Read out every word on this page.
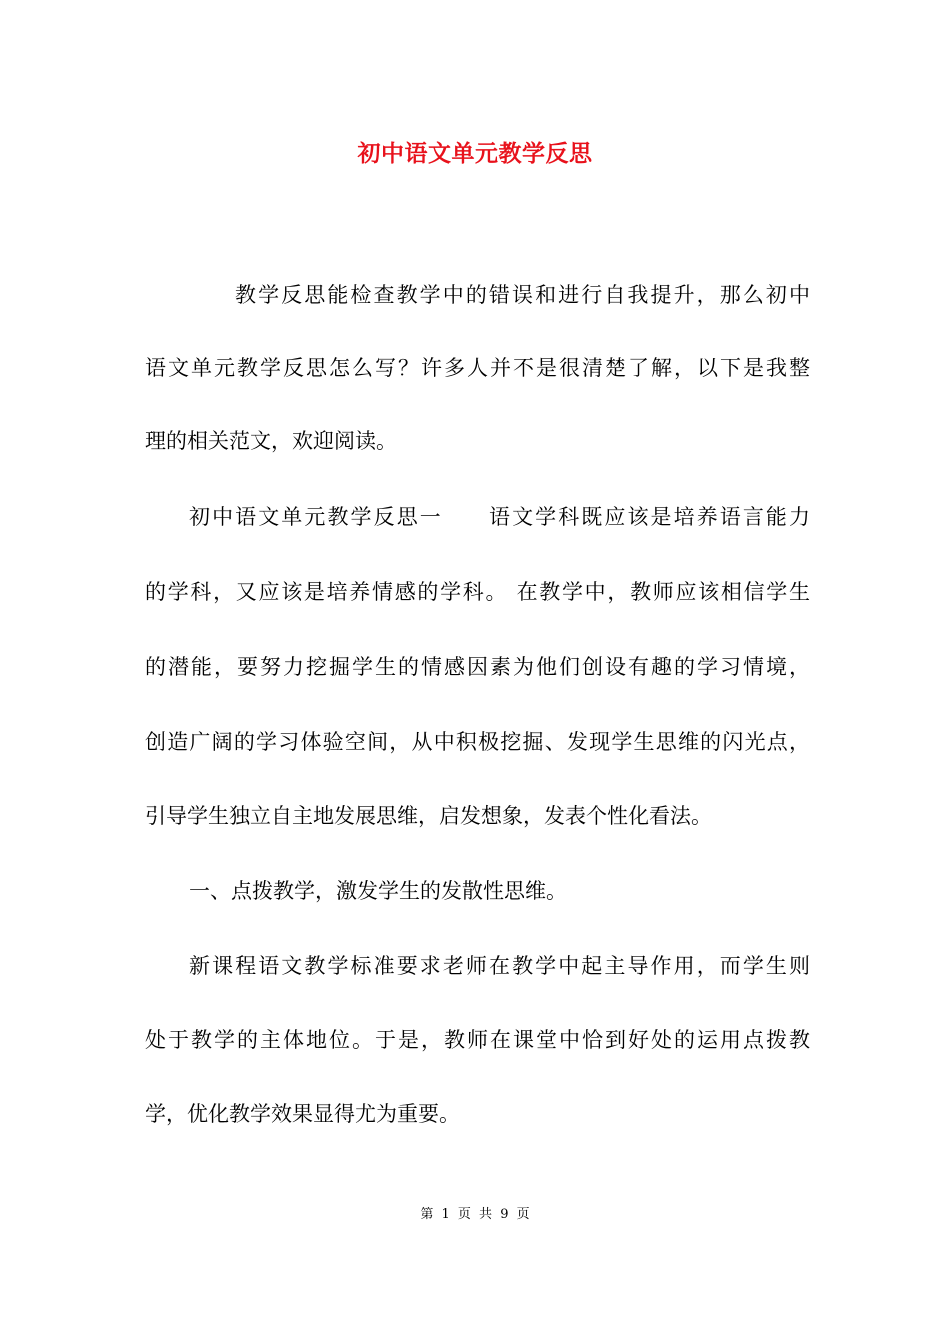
初中语文单元教学反思
教学反思能检查教学中的错误和进行自我提升，那么初中
语文单元教学反思怎么写？许多人并不是很清楚了解，以下是我整
理的相关范文，欢迎阅读。
初中语文单元教学反思一　　语文学科既应该是培养语言能力
的学科，又应该是培养情感的学科。 在教学中，教师应该相信学生
的潜能，要努力挖掘学生的情感因素为他们创设有趣的学习情境，
创造广阔的学习体验空间，从中积极挖掘、发现学生思维的闪光点，
引导学生独立自主地发展思维，启发想象，发表个性化看法。
一、点拨教学，激发学生的发散性思维。
新课程语文教学标准要求老师在教学中起主导作用，而学生则
处于教学的主体地位。于是，教师在课堂中恰到好处的运用点拨教
学，优化教学效果显得尤为重要。
第 1 页 共 9 页
